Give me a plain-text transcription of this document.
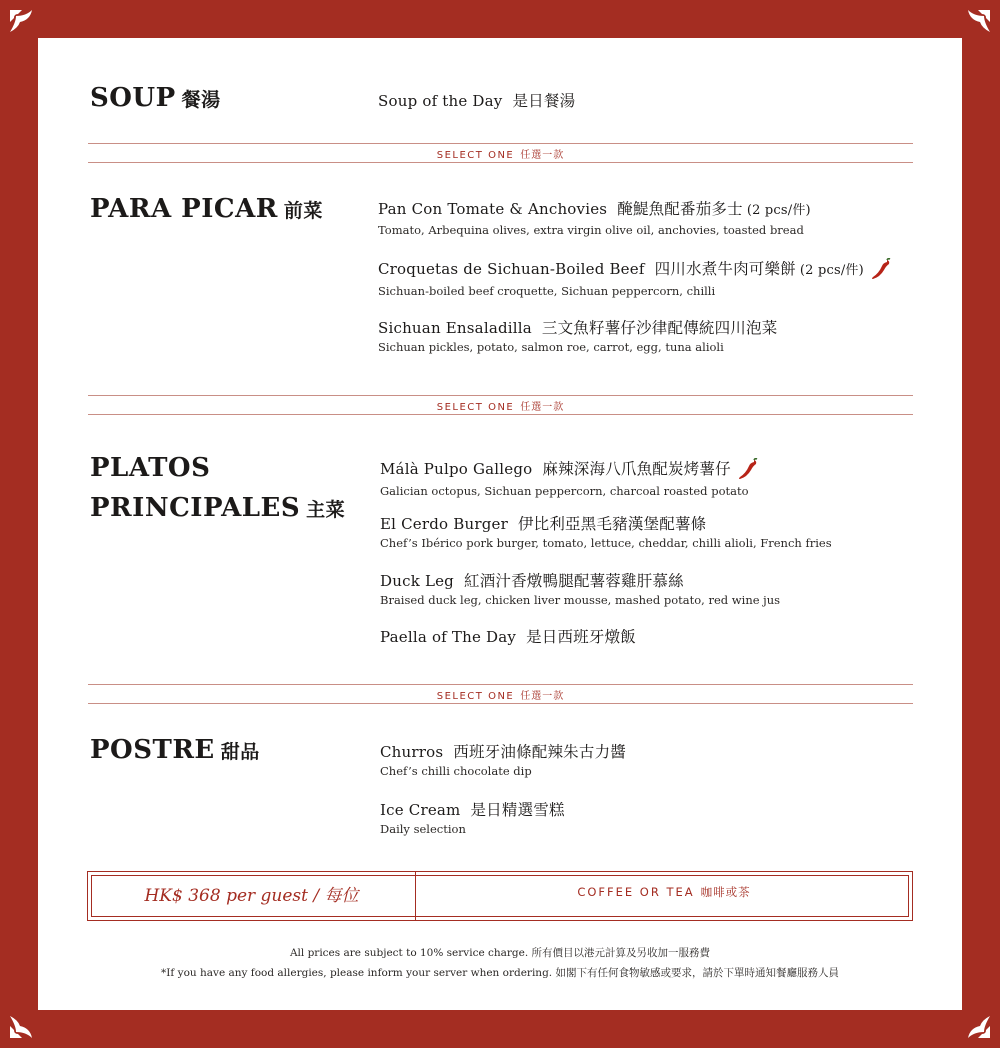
SOUP 餐湯	Soup of the Day 是日餐湯
SELECT ONE 任選一款
PARA PICAR 前菜	Pan Con Tomate & Anchovies 醃鯷魚配番茄多士 (2 pcs/件)
Tomato, Arbequina olives, extra virgin olive oil, anchovies, toasted bread
Croquetas de Sichuan-Boiled Beef 四川水煮牛肉可樂餅 (2 pcs/件)
Sichuan-boiled beef croquette, Sichuan peppercorn, chilli
Sichuan Ensaladilla 三文魚籽薯仔沙律配傳統四川泡菜
Sichuan pickles, potato, salmon roe, carrot, egg, tuna alioli
SELECT ONE 任選一款
PLATOS
PRINCIPALES 主菜
Málà Pulpo Gallego 麻辣深海八爪魚配炭烤薯仔
Galician octopus, Sichuan peppercorn, charcoal roasted potato
El Cerdo Burger 伊比利亞黑毛豬漢堡配薯條
Chef’s Ibérico pork burger, tomato, lettuce, cheddar, chilli alioli, French fries
Duck Leg 紅酒汁香燉鴨腿配薯蓉雞肝慕絲
Braised duck leg, chicken liver mousse, mashed potato, red wine jus
Paella of The Day 是日西班牙燉飯
SELECT ONE 任選一款
POSTRE 甜品	Churros 西班牙油條配辣朱古力醬
Chef’s chilli chocolate dip
Ice Cream 是日精選雪糕
Daily selection
HK$ 368 per guest / 每位	COFFEE OR TEA 咖啡或茶
All prices are subject to 10% service charge. 所有價目以港元計算及另收加一服務費
*If you have any food allergies, please inform your server when ordering. 如閣下有任何食物敏感或要求，請於下單時通知餐廳服務人員
